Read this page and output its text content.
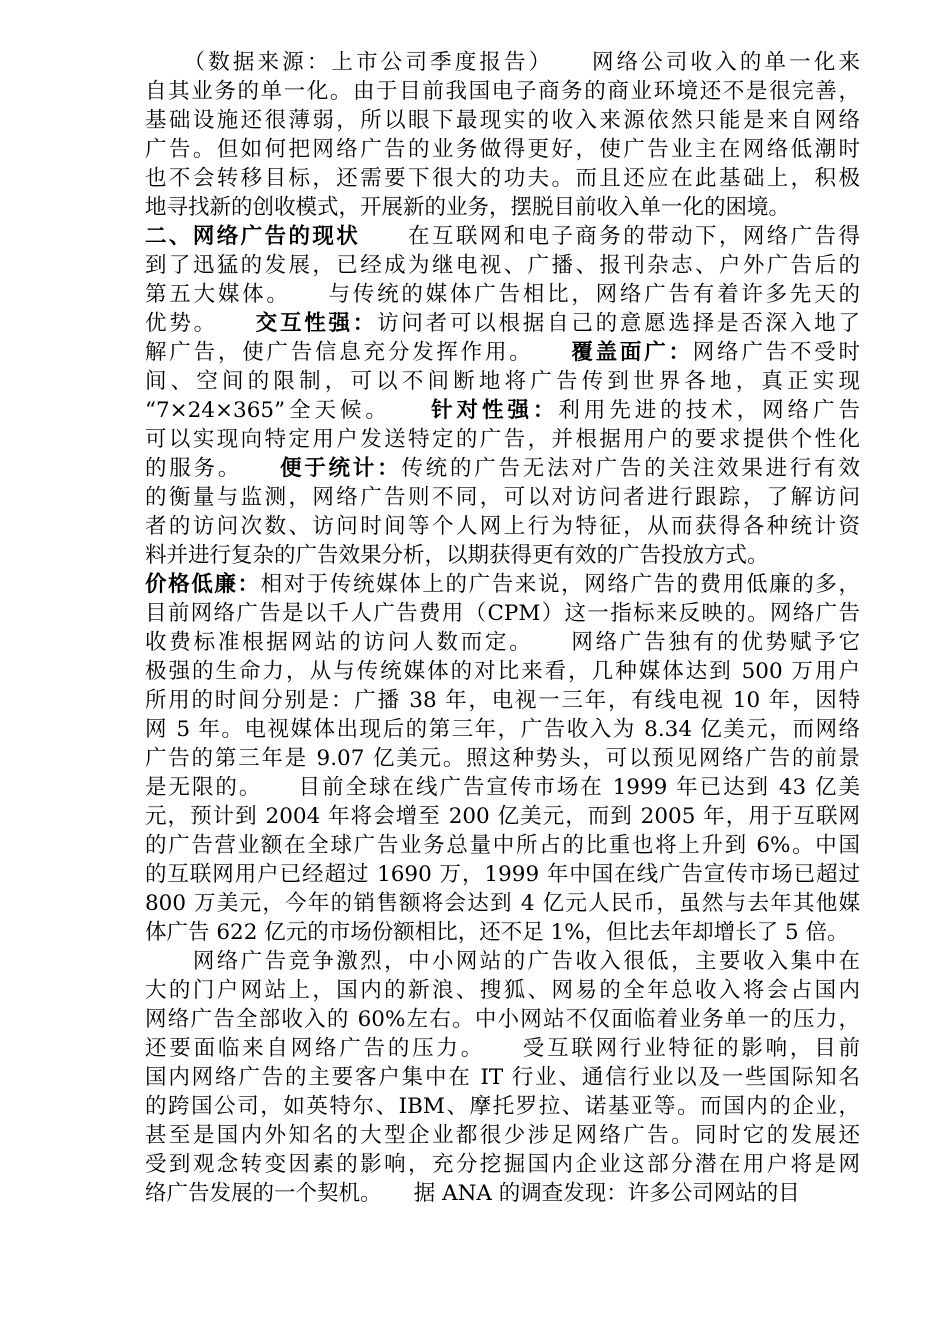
　　（数据来源：上市公司季度报告）　　网络公司收入的单一化来
自其业务的单一化。由于目前我国电子商务的商业环境还不是很完善，
基础设施还很薄弱，所以眼下最现实的收入来源依然只能是来自网络
广告。但如何把网络广告的业务做得更好，使广告业主在网络低潮时
也不会转移目标，还需要下很大的功夫。而且还应在此基础上，积极
地寻找新的创收模式，开展新的业务，摆脱目前收入单一化的困境。
二、网络广告的现状　　在互联网和电子商务的带动下，网络广告得
到了迅猛的发展，已经成为继电视、广播、报刊杂志、户外广告后的
第五大媒体。　　与传统的媒体广告相比，网络广告有着许多先天的
优势。　　交互性强：访问者可以根据自己的意愿选择是否深入地了
解广告，使广告信息充分发挥作用。　　覆盖面广：网络广告不受时
间、空间的限制，可以不间断地将广告传到世界各地，真正实现
“7×24×365”全天候。　　针对性强：利用先进的技术，网络广告
可以实现向特定用户发送特定的广告，并根据用户的要求提供个性化
的服务。　　便于统计：传统的广告无法对广告的关注效果进行有效
的衡量与监测，网络广告则不同，可以对访问者进行跟踪，了解访问
者的访问次数、访问时间等个人网上行为特征，从而获得各种统计资
料并进行复杂的广告效果分析，以期获得更有效的广告投放方式。
价格低廉：相对于传统媒体上的广告来说，网络广告的费用低廉的多，
目前网络广告是以千人广告费用（CPM）这一指标来反映的。网络广告
收费标准根据网站的访问人数而定。　　网络广告独有的优势赋予它
极强的生命力，从与传统媒体的对比来看，几种媒体达到 500 万用户
所用的时间分别是：广播 38 年，电视一三年，有线电视 10 年，因特
网 5 年。电视媒体出现后的第三年，广告收入为 8.34 亿美元，而网络
广告的第三年是 9.07 亿美元。照这种势头，可以预见网络广告的前景
是无限的。　　目前全球在线广告宣传市场在 1999 年已达到 43 亿美
元，预计到 2004 年将会增至 200 亿美元，而到 2005 年，用于互联网
的广告营业额在全球广告业务总量中所占的比重也将上升到 6%。中国
的互联网用户已经超过 1690 万，1999 年中国在线广告宣传市场已超过
800 万美元，今年的销售额将会达到 4 亿元人民币，虽然与去年其他媒
体广告 622 亿元的市场份额相比，还不足 1%，但比去年却增长了 5 倍。
　　网络广告竞争激烈，中小网站的广告收入很低，主要收入集中在
大的门户网站上，国内的新浪、搜狐、网易的全年总收入将会占国内
网络广告全部收入的 60%左右。中小网站不仅面临着业务单一的压力，
还要面临来自网络广告的压力。　　受互联网行业特征的影响，目前
国内网络广告的主要客户集中在 IT 行业、通信行业以及一些国际知名
的跨国公司，如英特尔、IBM、摩托罗拉、诺基亚等。而国内的企业，
甚至是国内外知名的大型企业都很少涉足网络广告。同时它的发展还
受到观念转变因素的影响，充分挖掘国内企业这部分潜在用户将是网
络广告发展的一个契机。　　据 ANA 的调查发现：许多公司网站的目
